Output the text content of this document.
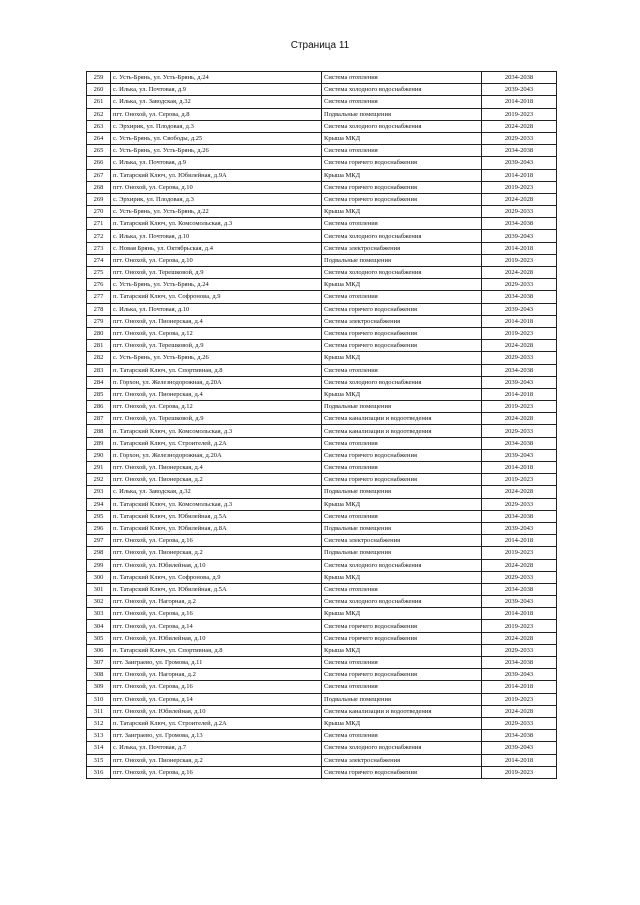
Страница 11
259	с. Усть-Брянь, ул. Усть-Брянь, д.24	Система отопления	2034-2038
260	с. Илька, ул. Почтовая, д.9	Система холодного водоснабжения	2039-2043
261	с. Илька, ул. Заводская, д.32	Система отопления	2014-2018
262	пгт. Онохой, ул. Серова, д.8	Подвальные помещения	2019-2023
263	с. Эрхирик, ул. Плодовая, д.3	Система холодного водоснабжения	2024-2028
264	с. Усть-Брянь, ул. Свободы, д.25	Крыша МКД	2029-2033
265	с. Усть-Брянь, ул. Усть-Брянь, д.26	Система отопления	2034-2038
266	с. Илька, ул. Почтовая, д.9	Система горячего водоснабжения	2039-2043
267	п. Татарский Ключ, ул. Юбилейная, д.9А	Крыша МКД	2014-2018
268	пгт. Онохой, ул. Серова, д.10	Система горячего водоснабжения	2019-2023
269	с. Эрхирик, ул. Плодовая, д.3	Система горячего водоснабжения	2024-2028
270	с. Усть-Брянь, ул. Усть-Брянь, д.22	Крыша МКД	2029-2033
271	п. Татарский Ключ, ул. Комсомольская, д.3	Система отопления	2034-2038
272	с. Илька, ул. Почтовая, д.10	Система холодного водоснабжения	2039-2043
273	с. Новая Брянь, ул. Октябрьская, д.4	Система электроснабжения	2014-2018
274	пгт. Онохой, ул. Серова, д.10	Подвальные помещения	2019-2023
275	пгт. Онохой, ул. Терешковой, д.9	Система холодного водоснабжения	2024-2028
276	с. Усть-Брянь, ул. Усть-Брянь, д.24	Крыша МКД	2029-2033
277	п. Татарский Ключ, ул. Софроновa, д.9	Система отопления	2034-2038
278	с. Илька, ул. Почтовая, д.10	Система горячего водоснабжения	2039-2043
279	пгт. Онохой, ул. Пионерская, д.4	Система электроснабжения	2014-2018
280	пгт. Онохой, ул. Серова, д.12	Система горячего водоснабжения	2019-2023
281	пгт. Онохой, ул. Терешковой, д.9	Система горячего водоснабжения	2024-2028
282	с. Усть-Брянь, ул. Усть-Брянь, д.26	Крыша МКД	2029-2033
283	п. Татарский Ключ, ул. Спортивная, д.8	Система отопления	2034-2038
284	п. Горхон, ул. Железнодорожная, д.20А	Система холодного водоснабжения	2039-2043
285	пгт. Онохой, ул. Пионерская, д.4	Крыша МКД	2014-2018
286	пгт. Онохой, ул. Серова, д.12	Подвальные помещения	2019-2023
287	пгт. Онохой, ул. Терешковой, д.9	Система канализации и водоотведения	2024-2028
288	п. Татарский Ключ, ул. Комсомольская, д.3	Система канализации и водоотведения	2029-2033
289	п. Татарский Ключ, ул. Строителей, д.2А	Система отопления	2034-2038
290	п. Горхон, ул. Железнодорожная, д.20А	Система горячего водоснабжения	2039-2043
291	пгт. Онохой, ул. Пионерская, д.4	Система отопления	2014-2018
292	пгт. Онохой, ул. Пионерская, д.2	Система горячего водоснабжения	2019-2023
293	с. Илька, ул. Заводская, д.32	Подвальные помещения	2024-2028
294	п. Татарский Ключ, ул. Комсомольская, д.3	Крыша МКД	2029-2033
295	п. Татарский Ключ, ул. Юбилейная, д.5А	Система отопления	2034-2038
296	п. Татарский Ключ, ул. Юбилейная, д.8А	Подвальные помещения	2039-2043
297	пгт. Онохой, ул. Серова, д.16	Система электроснабжения	2014-2018
298	пгт. Онохой, ул. Пионерская, д.2	Подвальные помещения	2019-2023
299	пгт. Онохой, ул. Юбилейная, д.10	Система холодного водоснабжения	2024-2028
300	п. Татарский Ключ, ул. Софроновa, д.9	Крыша МКД	2029-2033
301	п. Татарский Ключ, ул. Юбилейная, д.5А	Система отопления	2034-2038
302	пгт. Онохой, ул. Нагорная, д.2	Система холодного водоснабжения	2039-2043
303	пгт. Онохой, ул. Серова, д.16	Крыша МКД	2014-2018
304	пгт. Онохой, ул. Серова, д.14	Система горячего водоснабжения	2019-2023
305	пгт. Онохой, ул. Юбилейная, д.10	Система горячего водоснабжения	2024-2028
306	п. Татарский Ключ, ул. Спортивная, д.8	Крыша МКД	2029-2033
307	пгт. Заиграево, ул. Громова, д.11	Система отопления	2034-2038
308	пгт. Онохой, ул. Нагорная, д.2	Система горячего водоснабжения	2039-2043
309	пгт. Онохой, ул. Серова, д.16	Система отопления	2014-2018
310	пгт. Онохой, ул. Серова, д.14	Подвальные помещения	2019-2023
311	пгт. Онохой, ул. Юбилейная, д.10	Система канализации и водоотведения	2024-2028
312	п. Татарский Ключ, ул. Строителей, д.2А	Крыша МКД	2029-2033
313	пгт. Заиграево, ул. Громова, д.13	Система отопления	2034-2038
314	с. Илька, ул. Почтовая, д.7	Система холодного водоснабжения	2039-2043
315	пгт. Онохой, ул. Пионерская, д.2	Система электроснабжения	2014-2018
316	пгт. Онохой, ул. Серова, д.16	Система горячего водоснабжения	2019-2023
